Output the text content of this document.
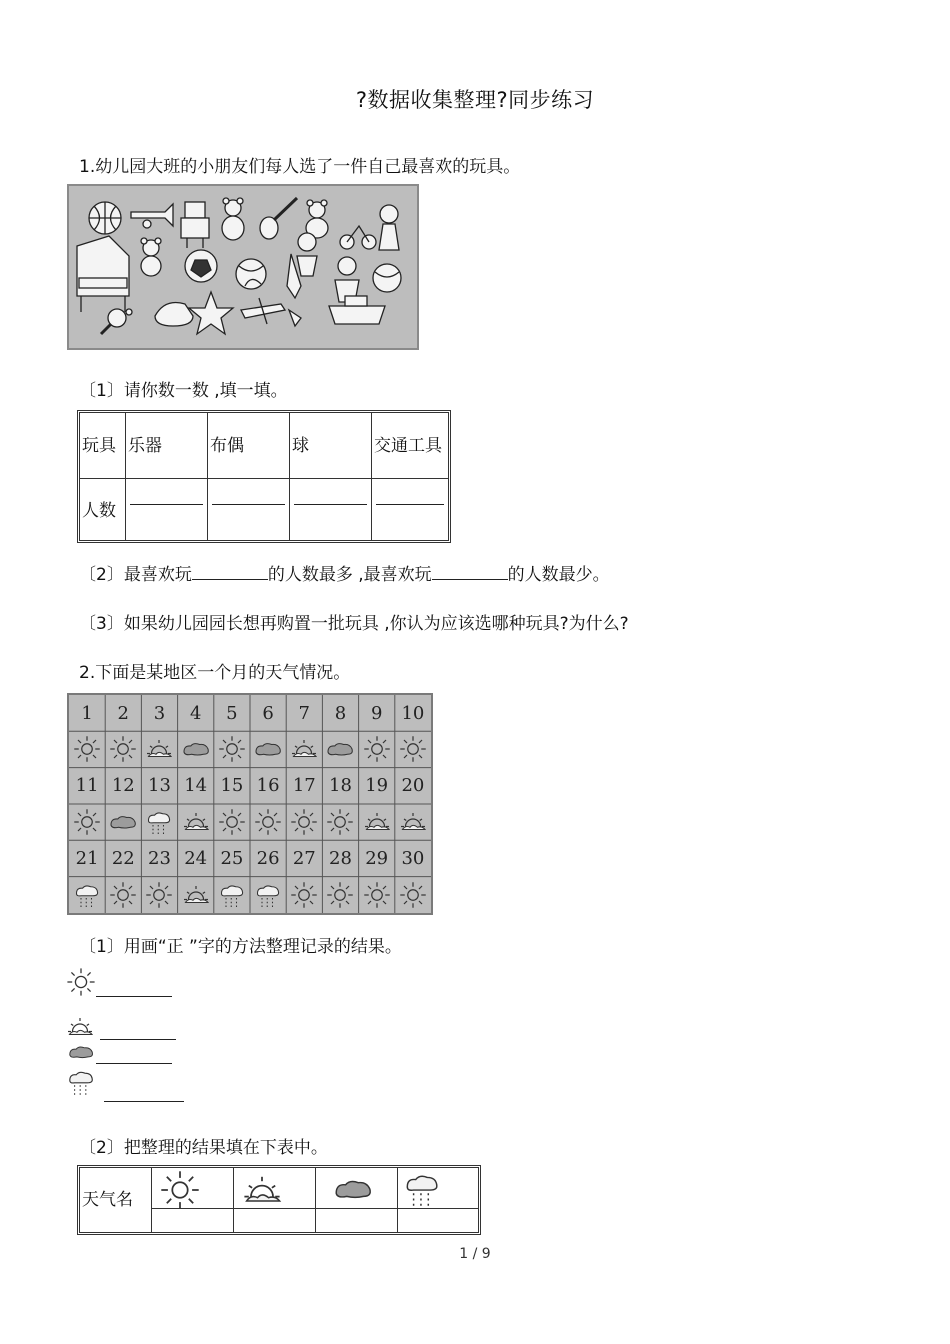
?数据收集整理?同步练习
1.幼儿园大班的小朋友们每人选了一件自己最喜欢的玩具。
〔1〕请你数一数 ,填一填。
玩具 乐器	布偶	球	交通工具
人数
〔2〕最喜欢玩	的人数最多 ,最喜欢玩	的人数最少。
〔3〕如果幼儿园园长想再购置一批玩具 ,你认为应该选哪种玩具?为什么?
2.下面是某地区一个月的天气情况。
1	2	3	4	5	6	7	8	9	10
11 12 13 14 15 16 17 18 19 20
21 22 23 24 25 26 27 28 29 30
〔1〕用画“正 ”字的方法整理记录的结果。
〔2〕把整理的结果填在下表中。
天气名
1 / 9
